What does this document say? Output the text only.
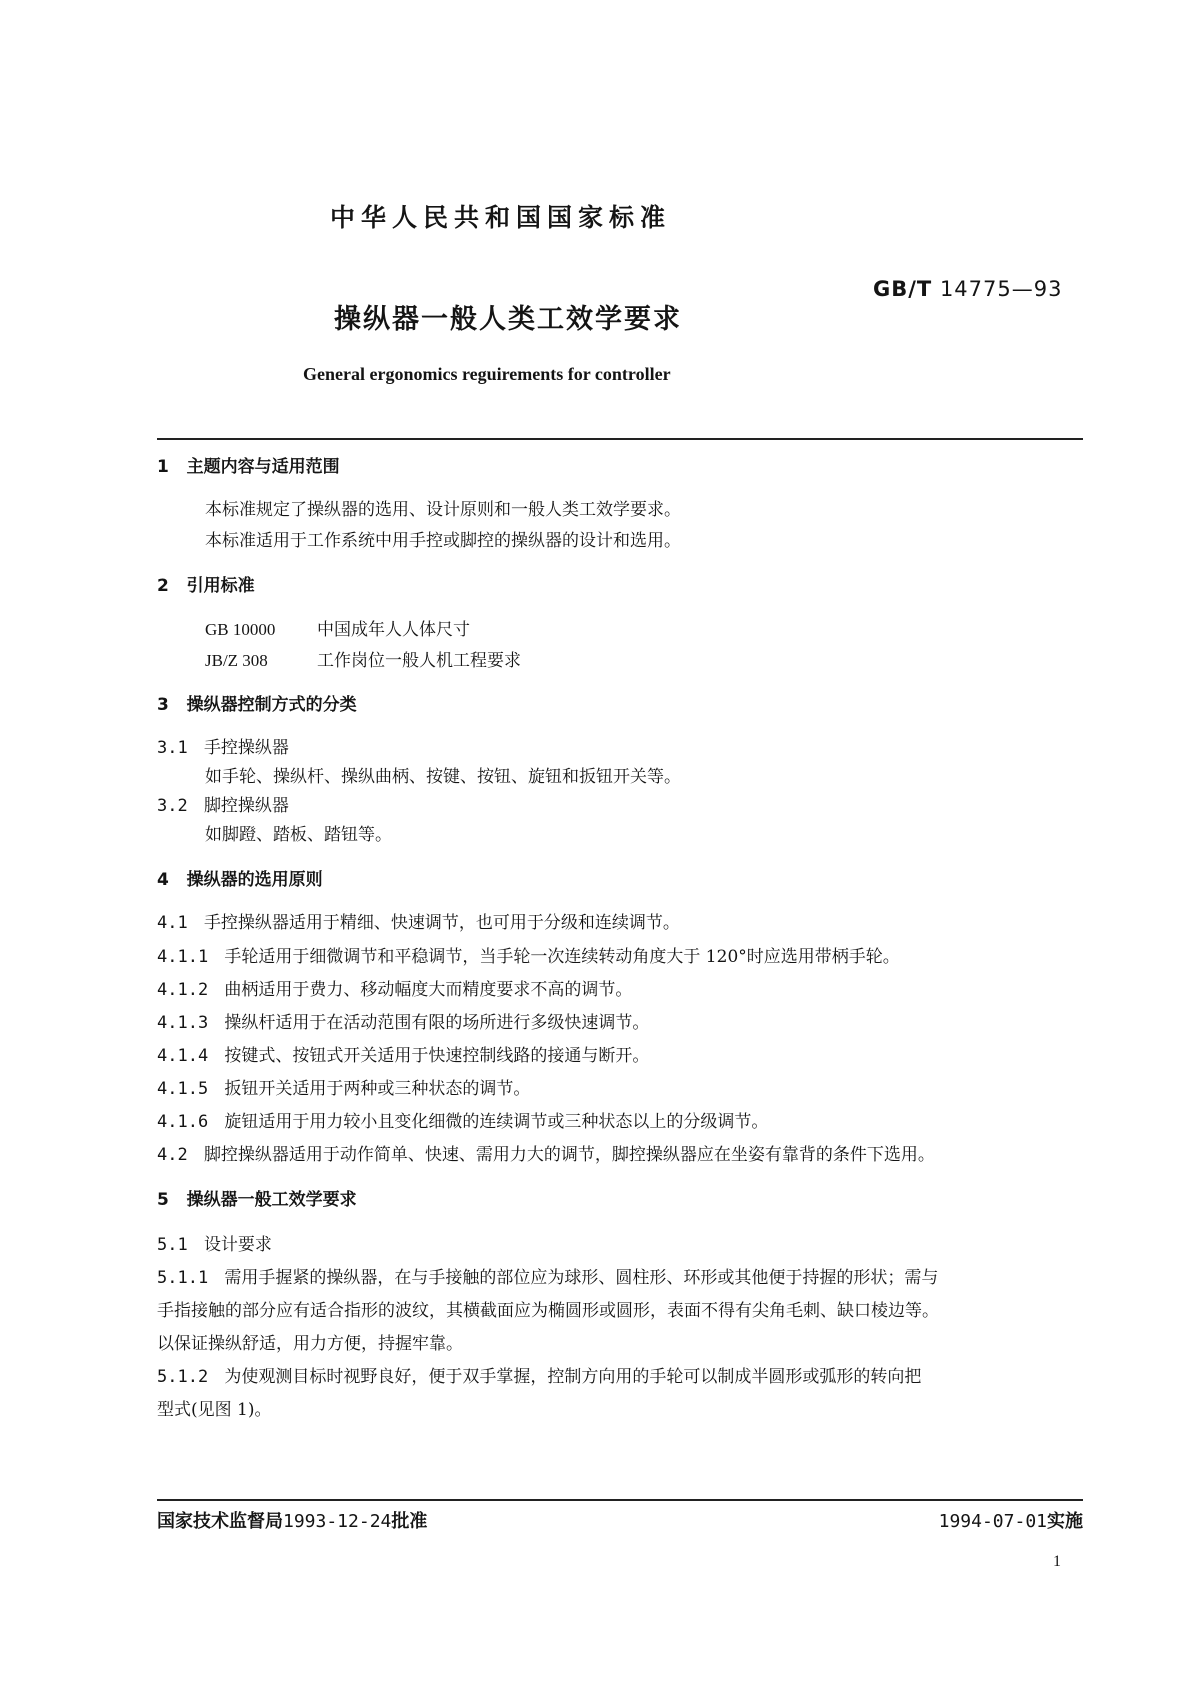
中华人民共和国国家标准
GB/T 14775—93
操纵器一般人类工效学要求
General ergonomics reguirements for controller
1 主题内容与适用范围
本标准规定了操纵器的选用、设计原则和一般人类工效学要求。
本标准适用于工作系统中用手控或脚控的操纵器的设计和选用。
2 引用标准
GB 10000 中国成年人人体尺寸
JB/Z 308	工作岗位一般人机工程要求
3 操纵器控制方式的分类
3.1 手控操纵器
如手轮、操纵杆、操纵曲柄、按键、按钮、旋钮和扳钮开关等。
3.2 脚控操纵器
如脚蹬、踏板、踏钮等。
4 操纵器的选用原则
4.1 手控操纵器适用于精细、快速调节，也可用于分级和连续调节。
4.1.1 手轮适用于细微调节和平稳调节，当手轮一次连续转动角度大于 120°时应选用带柄手轮。
4.1.2 曲柄适用于费力、移动幅度大而精度要求不高的调节。
4.1.3 操纵杆适用于在活动范围有限的场所进行多级快速调节。
4.1.4 按键式、按钮式开关适用于快速控制线路的接通与断开。
4.1.5 扳钮开关适用于两种或三种状态的调节。
4.1.6 旋钮适用于用力较小且变化细微的连续调节或三种状态以上的分级调节。
4.2 脚控操纵器适用于动作简单、快速、需用力大的调节，脚控操纵器应在坐姿有靠背的条件下选用。
5 操纵器一般工效学要求
5.1 设计要求
5.1.1 需用手握紧的操纵器，在与手接触的部位应为球形、圆柱形、环形或其他便于持握的形状；需与
手指接触的部分应有适合指形的波纹，其横截面应为椭圆形或圆形，表面不得有尖角毛刺、缺口棱边等。
以保证操纵舒适，用力方便，持握牢靠。
5.1.2 为使观测目标时视野良好，便于双手掌握，控制方向用的手轮可以制成半圆形或弧形的转向把
型式(见图 1)。
国家技术监督局1993-12-24批准	1994-07-01实施
1
